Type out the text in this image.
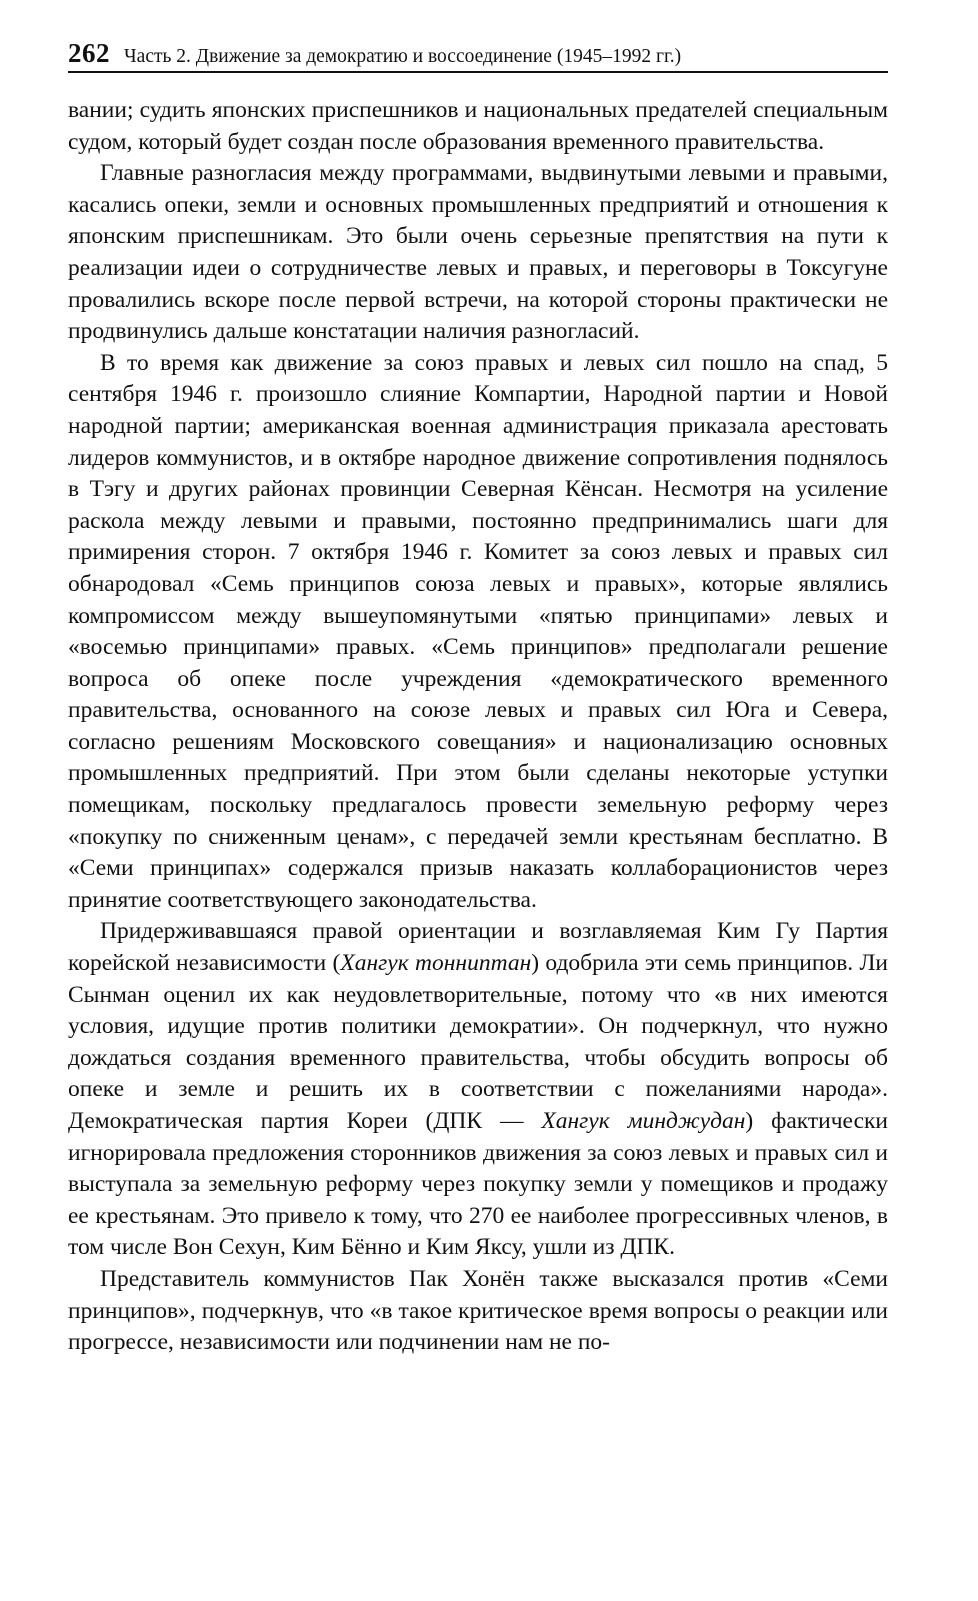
262 Часть 2. Движение за демократию и воссоединение (1945–1992 гг.)

вании; судить японских приспешников и национальных предателей специальным судом, который будет создан после образования временного правительства.

Главные разногласия между программами, выдвинутыми левыми и правыми, касались опеки, земли и основных промышленных предприятий и отношения к японским приспешникам. Это были очень серьезные препятствия на пути к реализации идеи о сотрудничестве левых и правых, и переговоры в Токсугуне провалились вскоре после первой встречи, на которой стороны практически не продвинулись дальше констатации наличия разногласий.

В то время как движение за союз правых и левых сил пошло на спад, 5 сентября 1946 г. произошло слияние Компартии, Народной партии и Новой народной партии; американская военная администрация приказала арестовать лидеров коммунистов, и в октябре народное движение сопротивления поднялось в Тэгу и других районах провинции Северная Кёнсан. Несмотря на усиление раскола между левыми и правыми, постоянно предпринимались шаги для примирения сторон. 7 октября 1946 г. Комитет за союз левых и правых сил обнародовал «Семь принципов союза левых и правых», которые являлись компромиссом между вышеупомянутыми «пятью принципами» левых и «восемью принципами» правых. «Семь принципов» предполагали решение вопроса об опеке после учреждения «демократического временного правительства, основанного на союзе левых и правых сил Юга и Севера, согласно решениям Московского совещания» и национализацию основных промышленных предприятий. При этом были сделаны некоторые уступки помещикам, поскольку предлагалось провести земельную реформу через «покупку по сниженным ценам», с передачей земли крестьянам бесплатно. В «Семи принципах» содержался призыв наказать коллаборационистов через принятие соответствующего законодательства.

Придерживавшаяся правой ориентации и возглавляемая Ким Гу Партия корейской независимости (Хангук тонниптан) одобрила эти семь принципов. Ли Сынман оценил их как неудовлетворительные, потому что «в них имеются условия, идущие против политики демократии». Он подчеркнул, что нужно дождаться создания временного правительства, чтобы обсудить вопросы об опеке и земле и решить их в соответствии с пожеланиями народа». Демократическая партия Кореи (ДПК — Хангук минджудан) фактически игнорировала предложения сторонников движения за союз левых и правых сил и выступала за земельную реформу через покупку земли у помещиков и продажу ее крестьянам. Это привело к тому, что 270 ее наиболее прогрессивных членов, в том числе Вон Сехун, Ким Бённо и Ким Яксу, ушли из ДПК.

Представитель коммунистов Пак Хонён также высказался против «Семи принципов», подчеркнув, что «в такое критическое время вопросы о реакции или прогрессе, независимости или подчинении нам не по-
